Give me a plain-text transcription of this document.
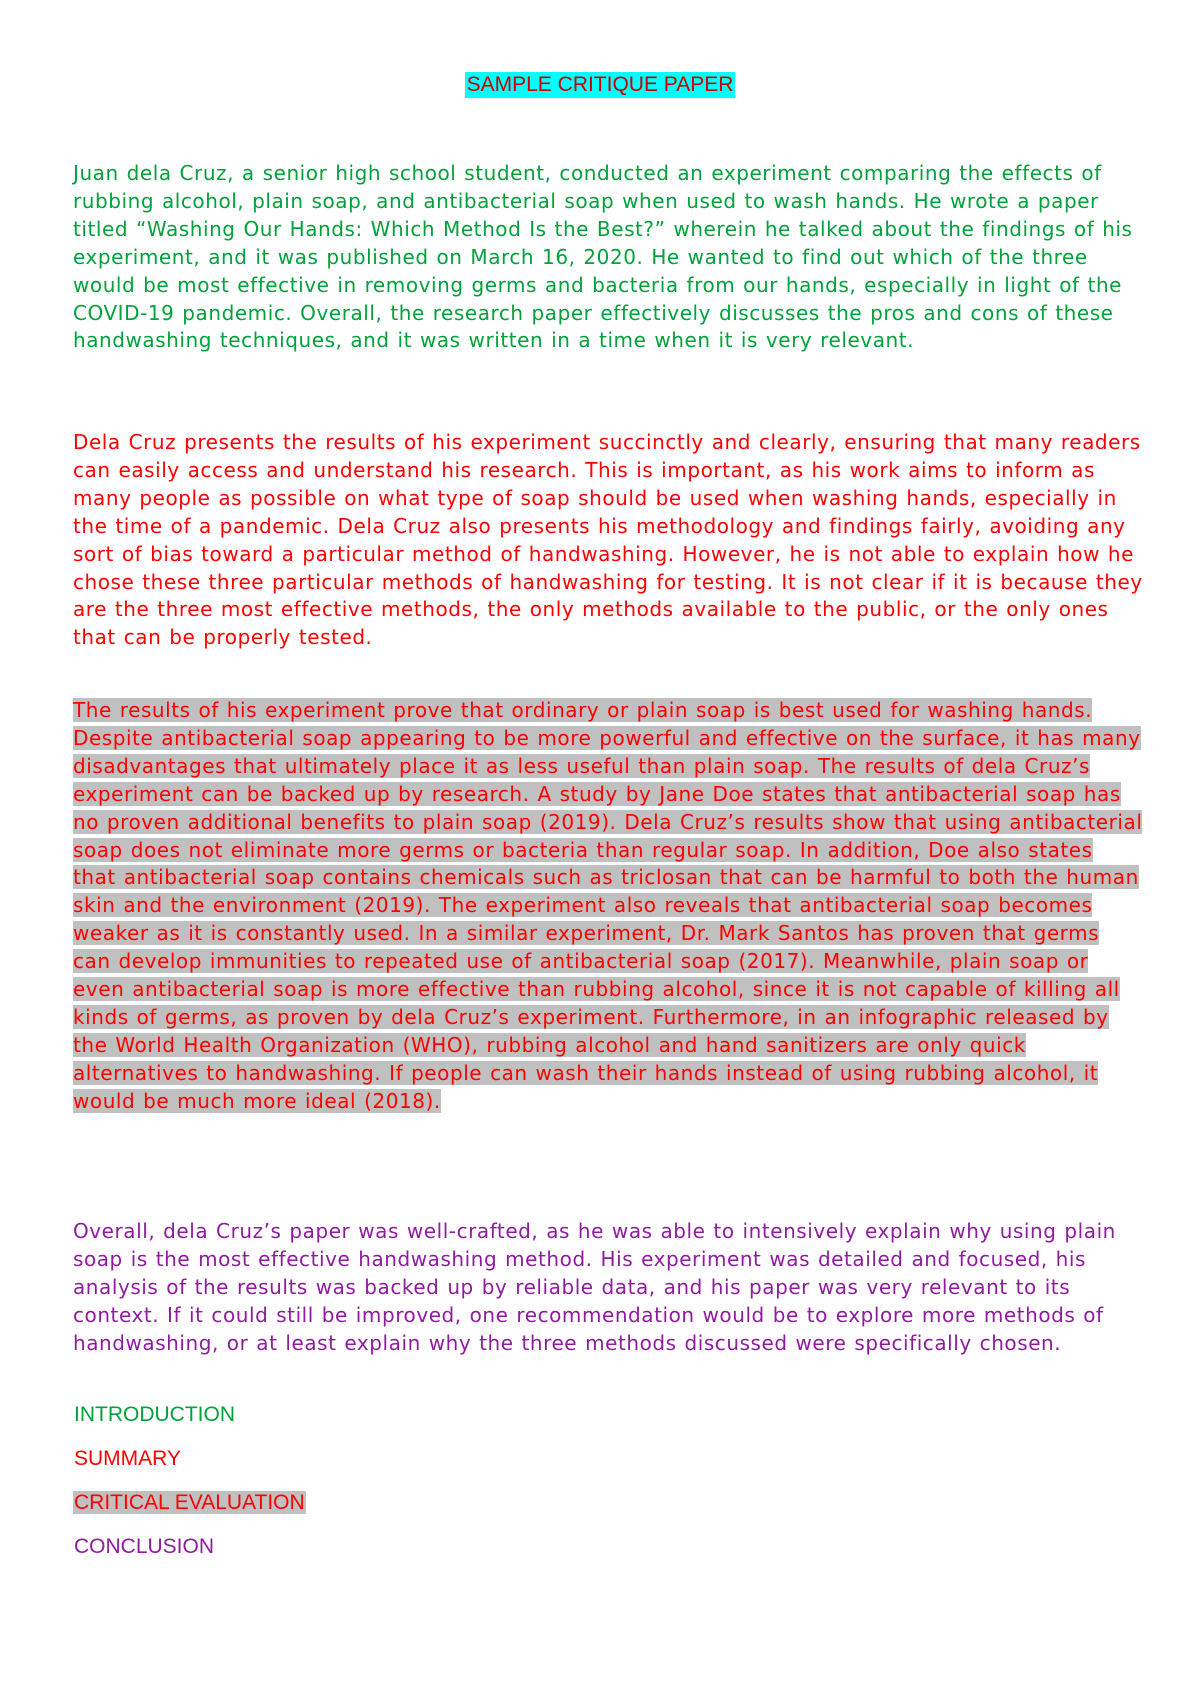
SAMPLE CRITIQUE PAPER

Juan dela Cruz, a senior high school student, conducted an experiment comparing the effects of rubbing alcohol, plain soap, and antibacterial soap when used to wash hands. He wrote a paper titled “Washing Our Hands: Which Method Is the Best?” wherein he talked about the findings of his experiment, and it was published on March 16, 2020. He wanted to find out which of the three would be most effective in removing germs and bacteria from our hands, especially in light of the COVID-19 pandemic. Overall, the research paper effectively discusses the pros and cons of these handwashing techniques, and it was written in a time when it is very relevant.

Dela Cruz presents the results of his experiment succinctly and clearly, ensuring that many readers can easily access and understand his research. This is important, as his work aims to inform as many people as possible on what type of soap should be used when washing hands, especially in the time of a pandemic. Dela Cruz also presents his methodology and findings fairly, avoiding any sort of bias toward a particular method of handwashing. However, he is not able to explain how he chose these three particular methods of handwashing for testing. It is not clear if it is because they are the three most effective methods, the only methods available to the public, or the only ones that can be properly tested.

The results of his experiment prove that ordinary or plain soap is best used for washing hands. Despite antibacterial soap appearing to be more powerful and effective on the surface, it has many disadvantages that ultimately place it as less useful than plain soap. The results of dela Cruz’s experiment can be backed up by research. A study by Jane Doe states that antibacterial soap has no proven additional benefits to plain soap (2019). Dela Cruz’s results show that using antibacterial soap does not eliminate more germs or bacteria than regular soap. In addition, Doe also states that antibacterial soap contains chemicals such as triclosan that can be harmful to both the human skin and the environment (2019). The experiment also reveals that antibacterial soap becomes weaker as it is constantly used. In a similar experiment, Dr. Mark Santos has proven that germs can develop immunities to repeated use of antibacterial soap (2017). Meanwhile, plain soap or even antibacterial soap is more effective than rubbing alcohol, since it is not capable of killing all kinds of germs, as proven by dela Cruz’s experiment. Furthermore, in an infographic released by the World Health Organization (WHO), rubbing alcohol and hand sanitizers are only quick alternatives to handwashing. If people can wash their hands instead of using rubbing alcohol, it would be much more ideal (2018).

Overall, dela Cruz’s paper was well-crafted, as he was able to intensively explain why using plain soap is the most effective handwashing method. His experiment was detailed and focused, his analysis of the results was backed up by reliable data, and his paper was very relevant to its context. If it could still be improved, one recommendation would be to explore more methods of handwashing, or at least explain why the three methods discussed were specifically chosen.

INTRODUCTION

SUMMARY

CRITICAL EVALUATION

CONCLUSION
